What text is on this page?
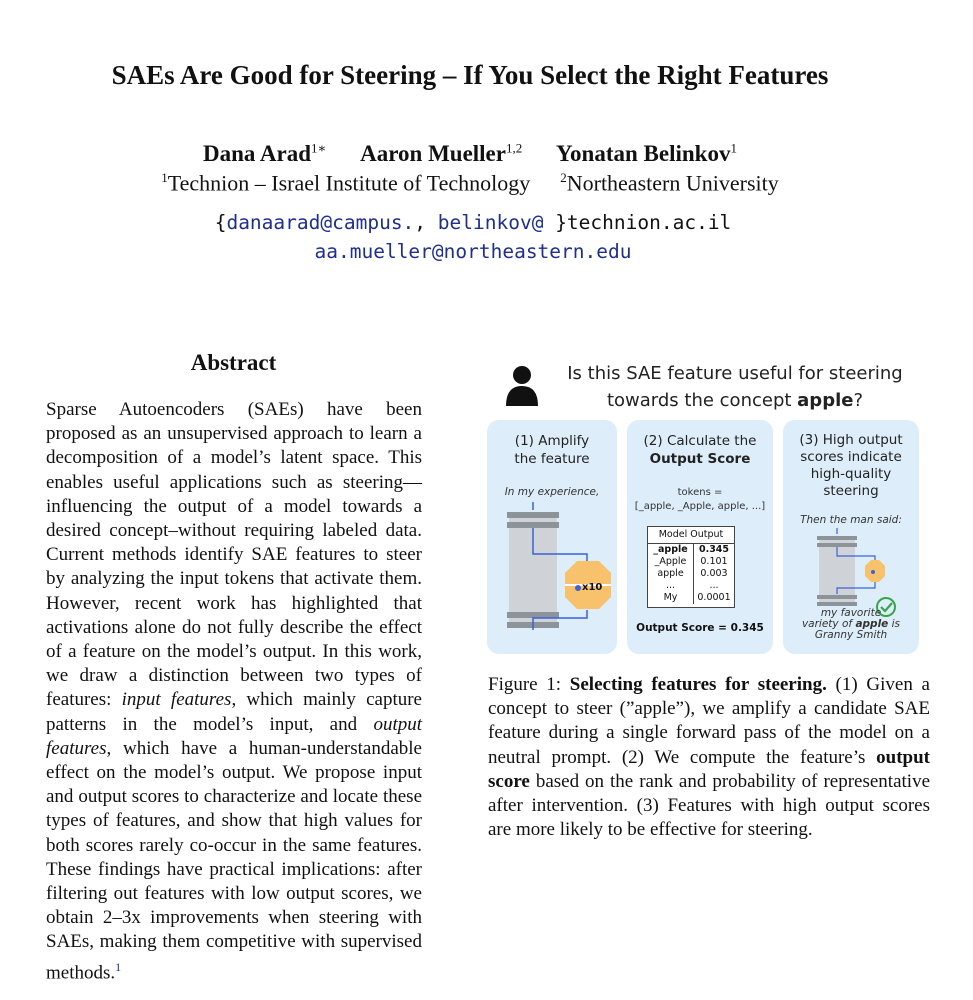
SAEs Are Good for Steering – If You Select the Right Features
Dana Arad$^{1∗}$ Aaron Mueller$^{1,2}$ Yonatan Belinkov$^1$
$^1$Technion – Israel Institute of Technology $^2$Northeastern University
{danaarad@campus., belinkov@ }technion.ac.il
aa.mueller@northeastern.edu
Abstract
Sparse Autoencoders (SAEs) have been proposed as an unsupervised approach to learn a decomposition of a model’s latent space. This enables useful applications such as steering—influencing the output of a model towards a desired concept–without requiring labeled data. Current methods identify SAE features to steer by analyzing the input tokens that activate them. However, recent work has highlighted that activations alone do not fully describe the effect of a feature on the model’s output. In this work, we draw a distinction between two types of features: input features, which mainly capture patterns in the model’s input, and output features, which have a human-understandable effect on the model’s output. We propose input and output scores to characterize and locate these types of features, and show that high values for both scores rarely co-occur in the same features. These findings have practical implications: after filtering out features with low output scores, we obtain 2–3x improvements when steering with SAEs, making them competitive with supervised methods.$^1$
Is this SAE feature useful for steering
towards the concept apple?
(1) Amplify
the feature
In my experience,
x10
(2) Calculate the
Output Score
tokens =
[_apple, _Apple, apple, ...]
Model Output
_apple	0.345
_Apple	0.101
apple	0.003
...	...
My	0.0001
Output Score = 0.345
(3) High output
scores indicate
high-quality
steering
Then the man said:
my favorite
variety of apple is
Granny Smith
Figure 1: Selecting features for steering. (1) Given a concept to steer (”apple”), we amplify a candidate SAE feature during a single forward pass of the model on a neutral prompt. (2) We compute the feature’s output score based on the rank and probability of representative after intervention. (3) Features with high output scores are more likely to be effective for steering.
